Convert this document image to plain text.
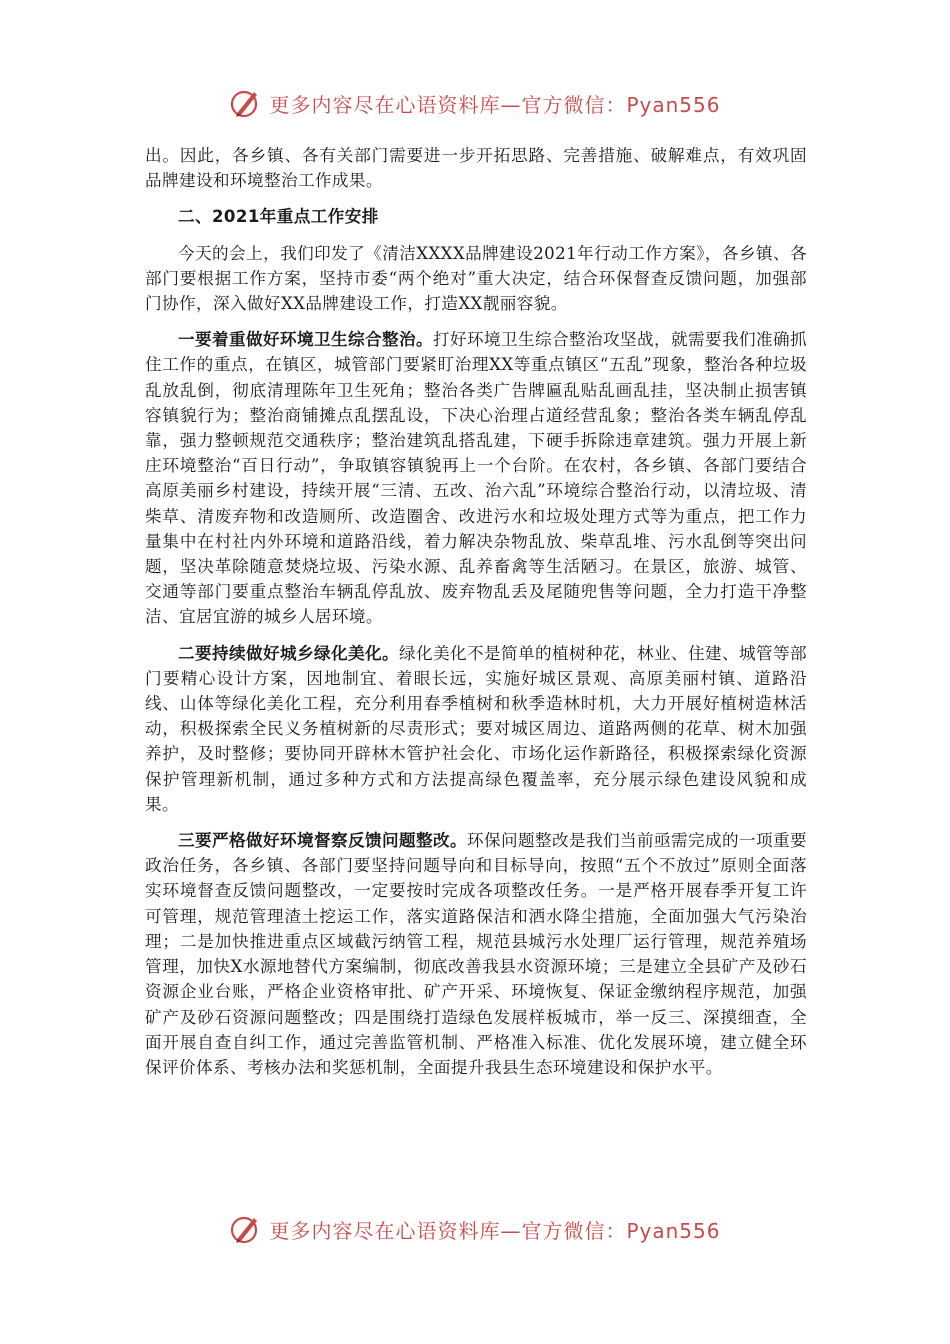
更多内容尽在心语资料库—官方微信：Pyan556

出。因此，各乡镇、各有关部门需要进一步开拓思路、完善措施、破解难点，有效巩固品牌建设和环境整治工作成果。

二、2021年重点工作安排

今天的会上，我们印发了《清洁XXXX品牌建设2021年行动工作方案》，各乡镇、各部门要根据工作方案，坚持市委“两个绝对”重大决定，结合环保督查反馈问题，加强部门协作，深入做好XX品牌建设工作，打造XX靓丽容貌。

一要着重做好环境卫生综合整治。打好环境卫生综合整治攻坚战，就需要我们准确抓住工作的重点，在镇区，城管部门要紧盯治理XX等重点镇区“五乱”现象，整治各种垃圾乱放乱倒，彻底清理陈年卫生死角；整治各类广告牌匾乱贴乱画乱挂，坚决制止损害镇容镇貌行为；整治商铺摊点乱摆乱设，下决心治理占道经营乱象；整治各类车辆乱停乱靠，强力整顿规范交通秩序；整治建筑乱搭乱建，下硬手拆除违章建筑。强力开展上新庄环境整治“百日行动”，争取镇容镇貌再上一个台阶。在农村，各乡镇、各部门要结合高原美丽乡村建设，持续开展“三清、五改、治六乱”环境综合整治行动，以清垃圾、清柴草、清废弃物和改造厕所、改造圈舍、改进污水和垃圾处理方式等为重点，把工作力量集中在村社内外环境和道路沿线，着力解决杂物乱放、柴草乱堆、污水乱倒等突出问题，坚决革除随意焚烧垃圾、污染水源、乱养畜禽等生活陋习。在景区，旅游、城管、交通等部门要重点整治车辆乱停乱放、废弃物乱丢及尾随兜售等问题，全力打造干净整洁、宜居宜游的城乡人居环境。

二要持续做好城乡绿化美化。绿化美化不是简单的植树种花，林业、住建、城管等部门要精心设计方案，因地制宜、着眼长远，实施好城区景观、高原美丽村镇、道路沿线、山体等绿化美化工程，充分利用春季植树和秋季造林时机，大力开展好植树造林活动，积极探索全民义务植树新的尽责形式；要对城区周边、道路两侧的花草、树木加强养护，及时整修；要协同开辟林木管护社会化、市场化运作新路径，积极探索绿化资源保护管理新机制，通过多种方式和方法提高绿色覆盖率，充分展示绿色建设风貌和成果。

三要严格做好环境督察反馈问题整改。环保问题整改是我们当前亟需完成的一项重要政治任务，各乡镇、各部门要坚持问题导向和目标导向，按照“五个不放过”原则全面落实环境督查反馈问题整改，一定要按时完成各项整改任务。一是严格开展春季开复工许可管理，规范管理渣土挖运工作，落实道路保洁和洒水降尘措施，全面加强大气污染治理；二是加快推进重点区域截污纳管工程，规范县城污水处理厂运行管理，规范养殖场管理，加快X水源地替代方案编制，彻底改善我县水资源环境；三是建立全县矿产及砂石资源企业台账，严格企业资格审批、矿产开采、环境恢复、保证金缴纳程序规范，加强矿产及砂石资源问题整改；四是围绕打造绿色发展样板城市，举一反三、深摸细查，全面开展自查自纠工作，通过完善监管机制、严格准入标准、优化发展环境，建立健全环保评价体系、考核办法和奖惩机制，全面提升我县生态环境建设和保护水平。

更多内容尽在心语资料库—官方微信：Pyan556
